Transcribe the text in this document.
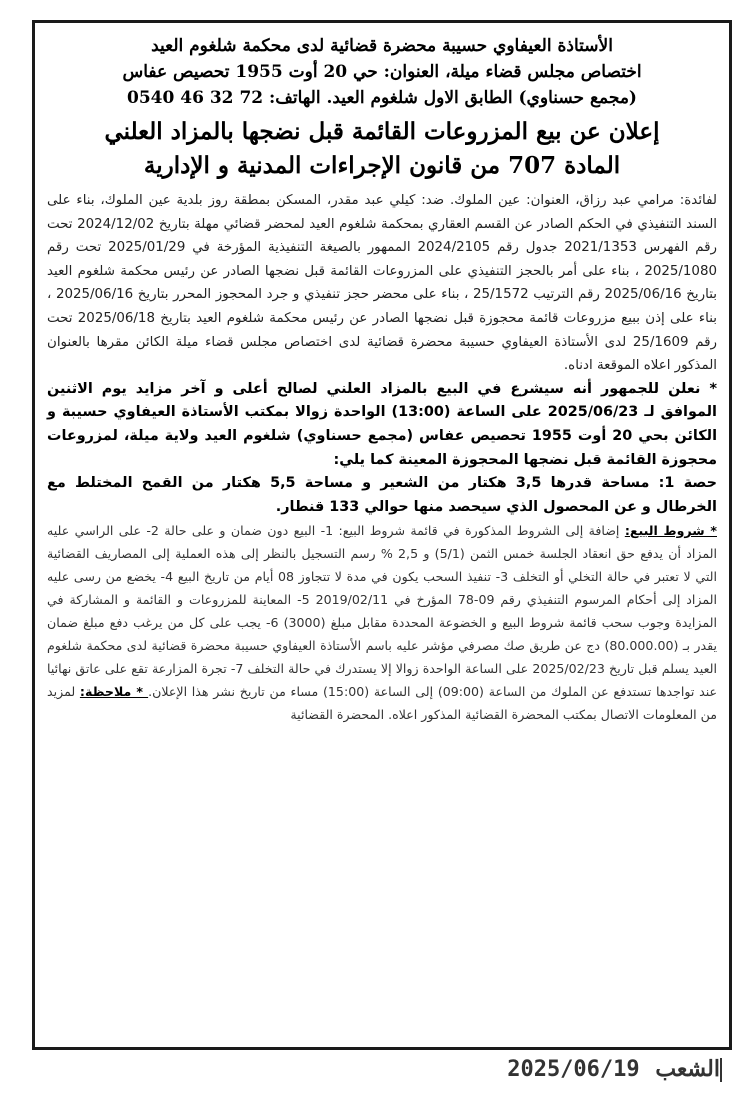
الأستاذة العيفاوي حسيبة محضرة قضائية لدى محكمة شلغوم العيد
اختصاص مجلس قضاء ميلة، العنوان: حي 20 أوت 1955 تحصيص عفاس
(مجمع حسناوي) الطابق الاول شلغوم العيد. الهاتف: 72 32 46 0540
إعلان عن بيع المزروعات القائمة قبل نضجها بالمزاد العلني
المادة 707 من قانون الإجراءات المدنية و الإدارية

لفائدة: مرامي عبد رزاق، العنوان: عين الملوك. ضد: كيلي عبد مقدر، المسكن بمطقة روز بلدية عين الملوك، بناء على السند التنفيذي في الحكم الصادر عن القسم العقاري بمحكمة شلغوم العيد لمحضر قضائي مهلة بتاريخ 2024/12/02 تحت رقم الفهرس 2021/1353 جدول رقم 2024/2105 الممهور بالصيغة التنفيذية المؤرخة في 2025/01/29 تحت رقم 2025/1080 ، بناء على أمر بالحجز التنفيذي على المزروعات القائمة قبل نضجها الصادر عن رئيس محكمة شلغوم العيد بتاريخ 2025/06/16 رقم الترتيب 25/1572 ، بناء على محضر حجز تنفيذي و جرد المحجوز المحرر بتاريخ 2025/06/16 ، بناء على إذن ببيع مزروعات قائمة محجوزة قبل نضجها الصادر عن رئيس محكمة شلغوم العيد بتاريخ 2025/06/18 تحت رقم 25/1609 لدى الأستاذة العيفاوي حسيبة محضرة قضائية لدى اختصاص مجلس قضاء ميلة الكائن مقرها بالعنوان المذكور اعلاه الموقعة ادناه.

* نعلن للجمهور أنه سيشرع في البيع بالمزاد العلني لصالح أعلى و آخر مزايد يوم الاثنين الموافق لـ 2025/06/23 على الساعة (13:00) الواحدة زوالا بمكتب الأستاذة العيفاوي حسيبة و الكائن بحي 20 أوت 1955 تحصيص عفاس (مجمع حسناوي) شلغوم العيد ولاية ميلة، لمزروعات محجوزة القائمة قبل نضجها المحجوزة المعينة كما يلي:

حصة 1: مساحة قدرها 3,5 هكتار من الشعير و مساحة 5,5 هكتار من القمح المختلط مع الخرطال و عن المحصول الذي سيحصد منها حوالي 133 قنطار.

* شروط البيع: إضافة إلى الشروط المذكورة في قائمة شروط البيع: 1- البيع دون ضمان و على حالة 2- على الراسي عليه المزاد أن يدفع حق انعقاد الجلسة خمس الثمن (5/1) و 2,5 % رسم التسجيل بالنظر إلى هذه العملية إلى المصاريف القضائية التي لا تعتبر في حالة التخلي أو التخلف 3- تنفيذ السحب يكون في مدة لا تتجاوز 08 أيام من تاريخ البيع 4- يخضع من رسى عليه المزاد إلى أحكام المرسوم التنفيذي رقم 09-78 المؤرخ في 2019/02/11 5- المعاينة للمزروعات و القائمة و المشاركة في المزايدة وجوب سحب قائمة شروط البيع و الخضوعة المحددة مقابل مبلغ (3000) 6- يجب على كل من يرغب دفع مبلغ ضمان يقدر بـ (80.000.00) دج عن طريق صك مصرفي مؤشر عليه باسم الأستاذة العيفاوي حسيبة محضرة قضائية لدى محكمة شلغوم العيد يسلم قبل تاريخ 2025/02/23 على الساعة الواحدة زوالا إلا يستدرك في حالة التخلف 7- تجرة المزارعة تقع على عاتق نهائيا عند تواجدها تستدفع عن الملوك من الساعة (09:00) إلى الساعة (15:00) مساء من تاريخ نشر هذا الإعلان. * ملاحظة: لمزيد من المعلومات الاتصال بمكتب المحضرة القضائية المذكور اعلاه. المحضرة القضائية

الشعب 2025/06/19
